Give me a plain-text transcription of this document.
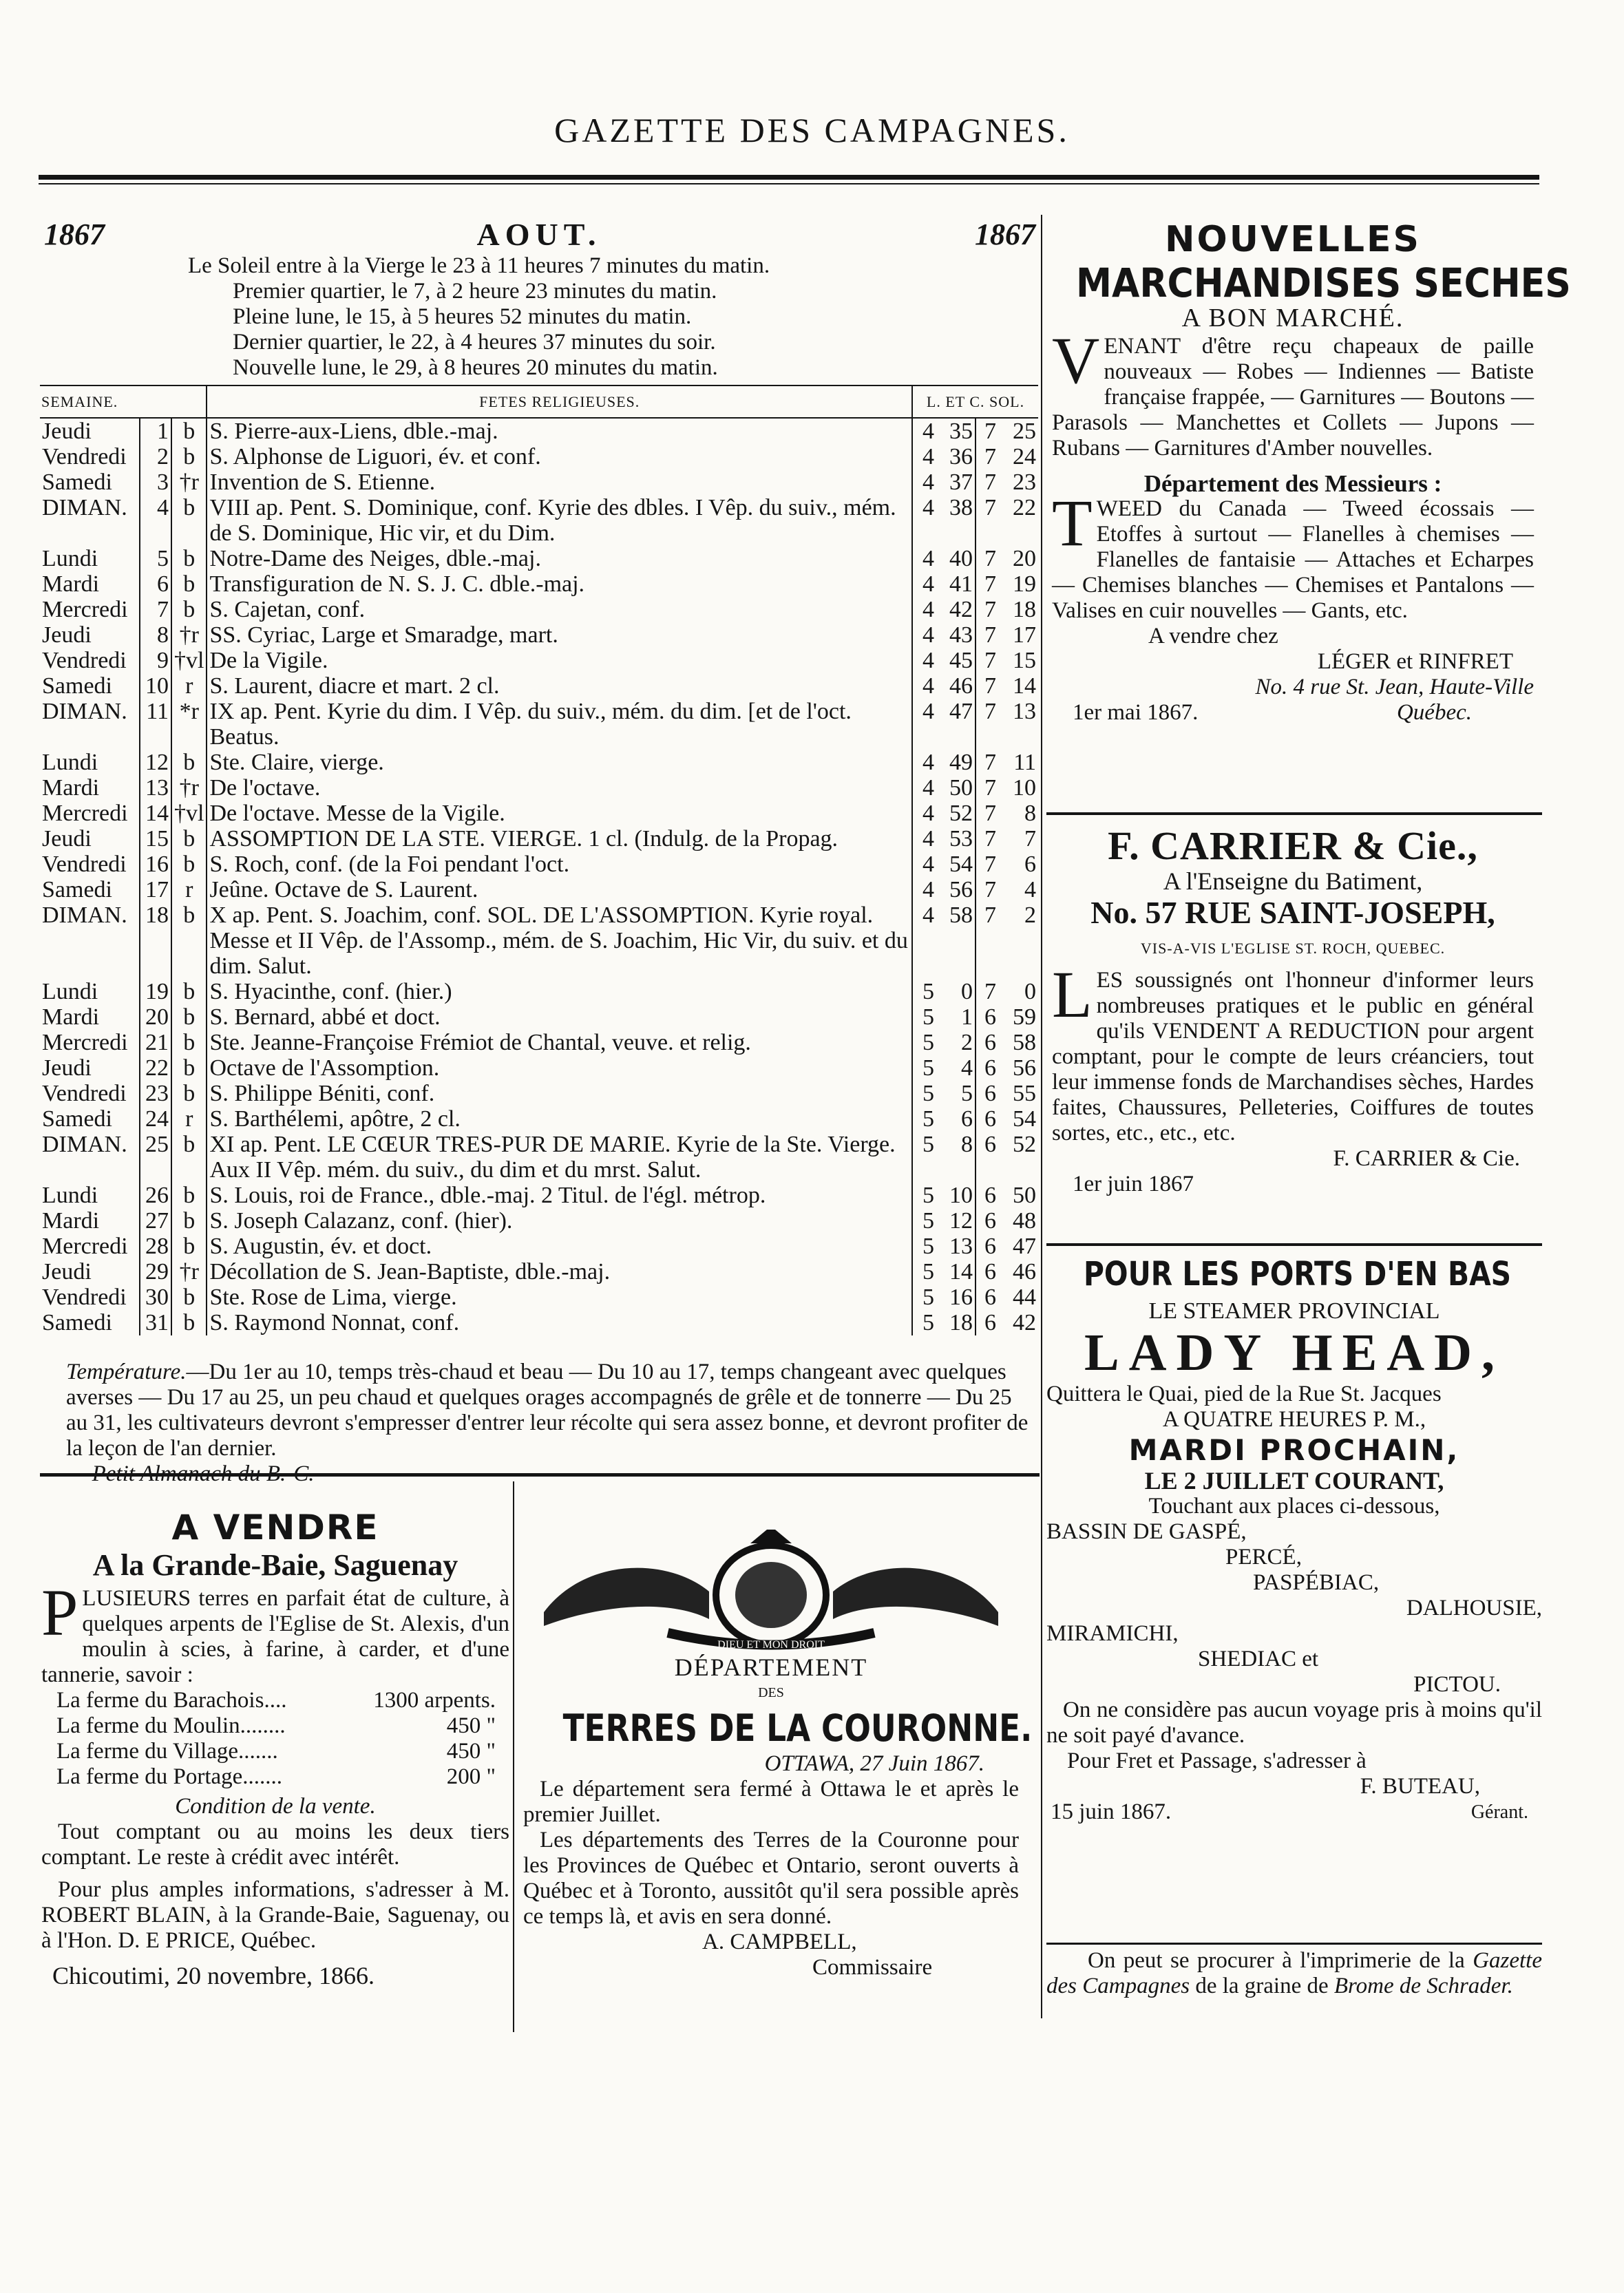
GAZETTE DES CAMPAGNES.
1867	AOUT.	1867
Le Soleil entre à la Vierge le 23 à 11 heures 7 minutes du matin.
Premier quartier, le 7, à 2 heure 23 minutes du matin.
Pleine lune, le 15, à 5 heures 52 minutes du matin.
Dernier quartier, le 22, à 4 heures 37 minutes du soir.
Nouvelle lune, le 29, à 8 heures 20 minutes du matin.
SEMAINE.			FETES RELIGIEUSES.	L. ET C. SOL.			
Jeudi	1	b	S. Pierre-aux-Liens, dble.-maj.	4	35	7	25
Vendredi	2	b	S. Alphonse de Liguori, év. et conf.	4	36	7	24
Samedi	3	†r	Invention de S. Etienne.	4	37	7	23
DIMAN.	4	b	VIII ap. Pent. S. Dominique, conf. Kyrie des dbles. I Vêp. du suiv., mém. de S. Dominique, Hic vir, et du Dim.	4	38	7	22
Lundi	5	b	Notre-Dame des Neiges, dble.-maj.	4	40	7	20
Mardi	6	b	Transfiguration de N. S. J. C. dble.-maj.	4	41	7	19
Mercredi	7	b	S. Cajetan, conf.	4	42	7	18
Jeudi	8	†r	SS. Cyriac, Large et Smaradge, mart.	4	43	7	17
Vendredi	9	†vl	De la Vigile.	4	45	7	15
Samedi	10	r	S. Laurent, diacre et mart. 2 cl.	4	46	7	14
DIMAN.	11	*r	IX ap. Pent. Kyrie du dim. I Vêp. du suiv., mém. du dim. [et de l'oct. Beatus.	4	47	7	13
Lundi	12	b	Ste. Claire, vierge.	4	49	7	11
Mardi	13	†r	De l'octave.	4	50	7	10
Mercredi	14	†vl	De l'octave. Messe de la Vigile.	4	52	7	8
Jeudi	15	b	ASSOMPTION DE LA STE. VIERGE. 1 cl. (Indulg. de la Propag.	4	53	7	7
Vendredi	16	b	S. Roch, conf. (de la Foi pendant l'oct.	4	54	7	6
Samedi	17	r	Jeûne. Octave de S. Laurent.	4	56	7	4
DIMAN.	18	b	X ap. Pent. S. Joachim, conf. SOL. DE L'ASSOMPTION. Kyrie royal. Messe et II Vêp. de l'Assomp., mém. de S. Joachim, Hic Vir, du suiv. et du dim. Salut.	4	58	7	2
Lundi	19	b	S. Hyacinthe, conf. (hier.)	5	0	7	0
Mardi	20	b	S. Bernard, abbé et doct.	5	1	6	59
Mercredi	21	b	Ste. Jeanne-Françoise Frémiot de Chantal, veuve. et relig.	5	2	6	58
Jeudi	22	b	Octave de l'Assomption.	5	4	6	56
Vendredi	23	b	S. Philippe Béniti, conf.	5	5	6	55
Samedi	24	r	S. Barthélemi, apôtre, 2 cl.	5	6	6	54
DIMAN.	25	b	XI ap. Pent. LE CŒUR TRES-PUR DE MARIE. Kyrie de la Ste. Vierge. Aux II Vêp. mém. du suiv., du dim et du mrst. Salut.	5	8	6	52
Lundi	26	b	S. Louis, roi de France., dble.-maj. 2 Titul. de l'égl. métrop.	5	10	6	50
Mardi	27	b	S. Joseph Calazanz, conf. (hier).	5	12	6	48
Mercredi	28	b	S. Augustin, év. et doct.	5	13	6	47
Jeudi	29	†r	Décollation de S. Jean-Baptiste, dble.-maj.	5	14	6	46
Vendredi	30	b	Ste. Rose de Lima, vierge.	5	16	6	44
Samedi	31	b	S. Raymond Nonnat, conf.	5	18	6	42
Température.—Du 1er au 10, temps très-chaud et beau — Du 10 au 17, temps changeant avec quelques averses — Du 17 au 25, un peu chaud et quelques orages accompagnés de grêle et de tonnerre — Du 25 au 31, les cultivateurs devront s'empresser d'entrer leur récolte qui sera assez bonne, et devront profiter de la leçon de l'an dernier.
— Petit Almanach du B.-C.
NOUVELLES
MARCHANDISES SECHES
A BON MARCHÉ.
VENANT d'être reçu chapeaux de paille nouveaux — Robes — Indiennes — Batiste française frappée, — Garnitures — Boutons — Parasols — Manchettes et Collets — Jupons — Rubans — Garnitures d'Amber nouvelles.
Département des Messieurs :
TWEED du Canada — Tweed écossais — Etoffes à surtout — Flanelles à chemises — Flanelles de fantaisie — Attaches et Echarpes — Chemises blanches — Chemises et Pantalons — Valises en cuir nouvelles — Gants, etc.
A vendre chez
LÉGER et RINFRET
No. 4 rue St. Jean, Haute-Ville
1er mai 1867.	Québec.
F. CARRIER & Cie.,
A l'Enseigne du Batiment,
No. 57 RUE SAINT-JOSEPH,
VIS-A-VIS L'EGLISE ST. ROCH, QUEBEC.
LES soussignés ont l'honneur d'informer leurs nombreuses pratiques et le public en général qu'ils VENDENT A REDUCTION pour argent comptant, pour le compte de leurs créanciers, tout leur immense fonds de Marchandises sèches, Hardes faites, Chaussures, Pelleteries, Coiffures de toutes sortes, etc., etc., etc.
F. CARRIER & Cie.
1er juin 1867
POUR LES PORTS D'EN BAS
LE STEAMER PROVINCIAL
LADY HEAD,
Quittera le Quai, pied de la Rue St. Jacques
A QUATRE HEURES P. M.,
MARDI PROCHAIN,
LE 2 JUILLET COURANT,
Touchant aux places ci-dessous,
BASSIN DE GASPÉ,
PERCÉ,
PASPÉBIAC,
DALHOUSIE,
MIRAMICHI,
SHEDIAC et
PICTOU.
On ne considère pas aucun voyage pris à moins qu'il ne soit payé d'avance.
Pour Fret et Passage, s'adresser à
F. BUTEAU,
15 juin 1867.	Gérant.
On peut se procurer à l'imprimerie de la Gazette des Campagnes de la graine de Brome de Schrader.
A VENDRE
A la Grande-Baie, Saguenay
PLUSIEURS terres en parfait état de culture, à quelques arpents de l'Eglise de St. Alexis, d'un moulin à scies, à farine, à carder, et d'une tannerie, savoir :
La ferme du Barachois....	1300 arpents.
La ferme du Moulin........	450 "
La ferme du Village.......	450 "
La ferme du Portage.......	200 "
Condition de la vente.
Tout comptant ou au moins les deux tiers comptant. Le reste à crédit avec intérêt.
Pour plus amples informations, s'adresser à M. ROBERT BLAIN, à la Grande-Baie, Saguenay, ou à l'Hon. D. E PRICE, Québec.
Chicoutimi, 20 novembre, 1866.
DIEU ET MON DROIT
DÉPARTEMENT
DES
TERRES DE LA COURONNE.
OTTAWA, 27 Juin 1867.
Le département sera fermé à Ottawa le et après le premier Juillet.
Les départements des Terres de la Couronne pour les Provinces de Québec et Ontario, seront ouverts à Québec et à Toronto, aussitôt qu'il sera possible après ce temps là, et avis en sera donné.
A. CAMPBELL,
Commissaire
